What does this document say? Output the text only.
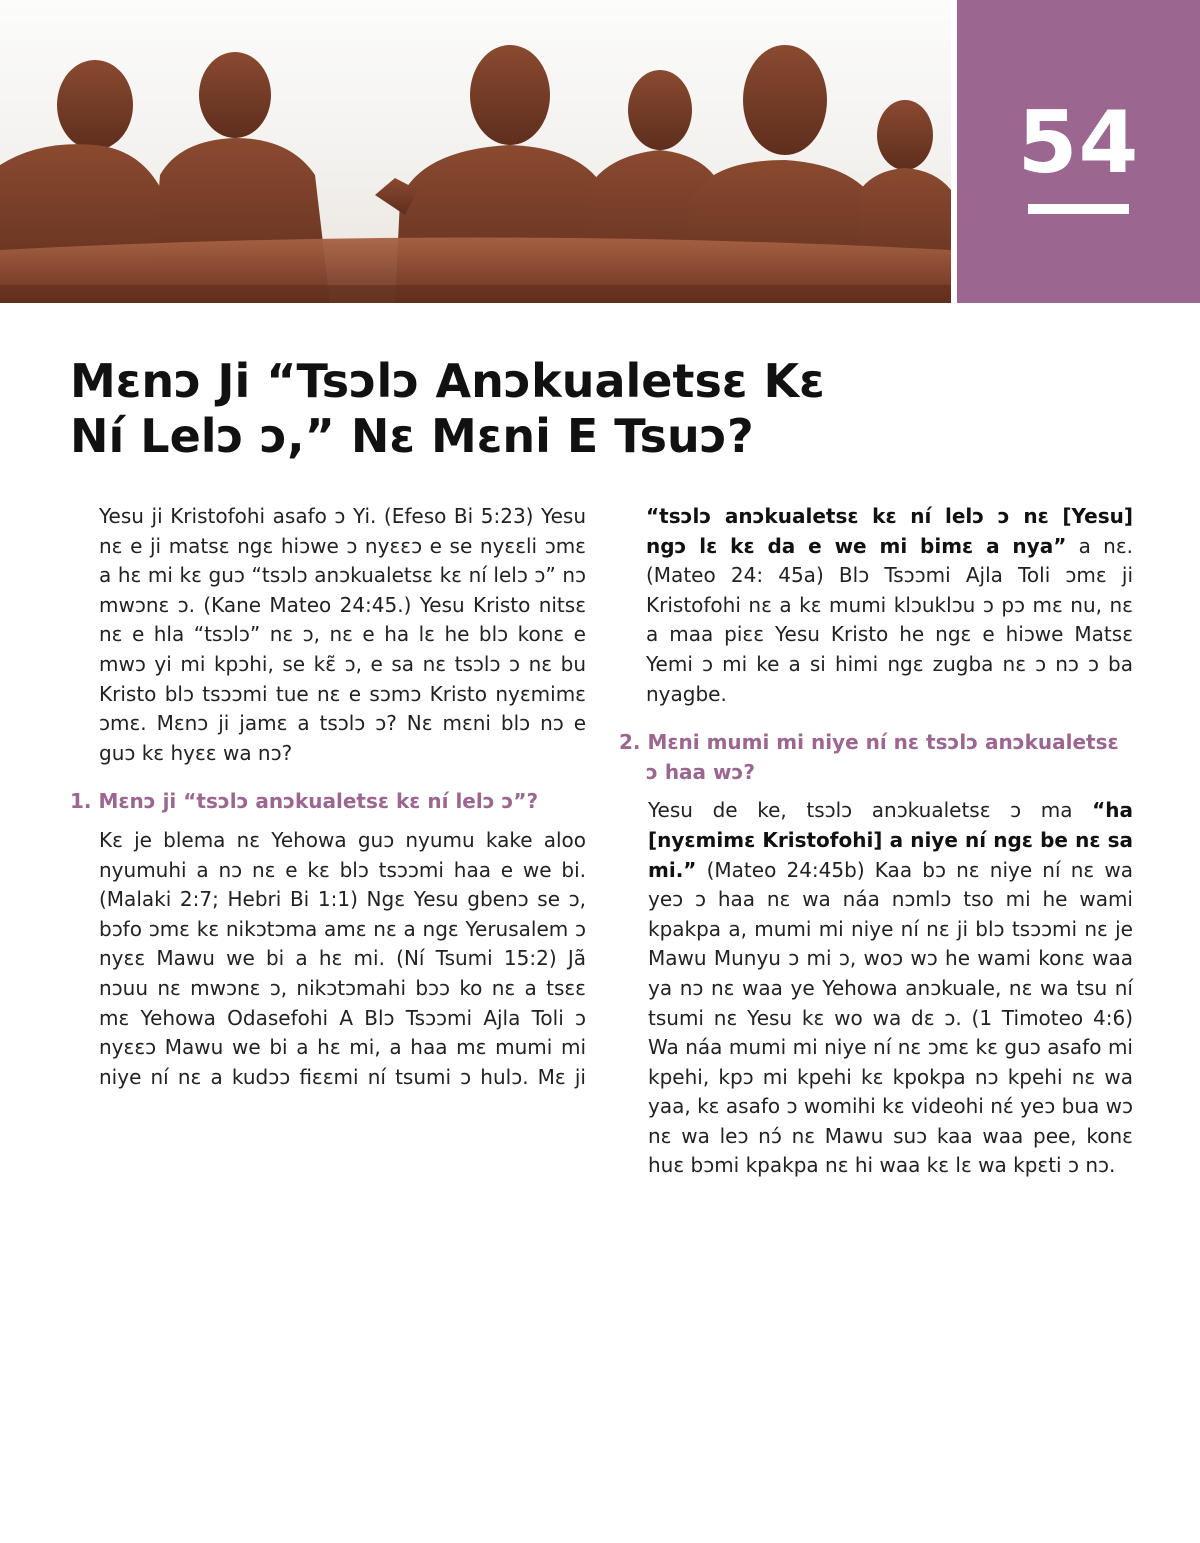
54
Mɛnɔ Ji “Tsɔlɔ Anɔkualetsɛ Kɛ
Ní Lelɔ ɔ,” Nɛ Mɛni E Tsuɔ?

Yesu ji Kristofohi asafo ɔ Yi. (Efeso Bi 5:23) Yesu nɛ e ji matsɛ ngɛ hiɔwe ɔ nyɛɛɔ e se nyɛɛli ɔmɛ a hɛ mi kɛ guɔ “tsɔlɔ anɔkualetsɛ kɛ ní lelɔ ɔ” nɔ mwɔnɛ ɔ. (Kane Mateo 24:45.) Yesu Kristo nitsɛ nɛ e hla “tsɔlɔ” nɛ ɔ, nɛ e ha lɛ he blɔ konɛ e mwɔ yi mi kpɔhi, se kɛ̃ ɔ, e sa nɛ tsɔlɔ ɔ nɛ bu Kristo blɔ tsɔɔmi tue nɛ e sɔmɔ Kristo nyɛmimɛ ɔmɛ. Mɛnɔ ji jamɛ a tsɔlɔ ɔ? Nɛ mɛni blɔ nɔ e guɔ kɛ hyɛɛ wa nɔ?

1. Mɛnɔ ji “tsɔlɔ anɔkualetsɛ kɛ ní lelɔ ɔ”?

Kɛ je blema nɛ Yehowa guɔ nyumu kake aloo nyumuhi a nɔ nɛ e kɛ blɔ tsɔɔmi haa e we bi. (Malaki 2:7; Hebri Bi 1:1) Ngɛ Yesu gbenɔ se ɔ, bɔfo ɔmɛ kɛ nikɔtɔma amɛ nɛ a ngɛ Yerusalem ɔ nyɛɛ Mawu we bi a hɛ mi. (Ní Tsumi 15:2) Jã nɔuu nɛ mwɔnɛ ɔ, nikɔtɔmahi bɔɔ ko nɛ a tsɛɛ mɛ Yehowa Odasefohi A Blɔ Tsɔɔmi Ajla Toli ɔ nyɛɛɔ Mawu we bi a hɛ mi, a haa mɛ mumi mi niye ní nɛ a kudɔɔ fiɛɛmi ní tsumi ɔ hulɔ. Mɛ ji

“tsɔlɔ anɔkualetsɛ kɛ ní lelɔ ɔ nɛ [Yesu] ngɔ lɛ kɛ da e we mi bimɛ a nya” a nɛ. (Mateo 24: 45a) Blɔ Tsɔɔmi Ajla Toli ɔmɛ ji Kristofohi nɛ a kɛ mumi klɔuklɔu ɔ pɔ mɛ nu, nɛ a maa piɛɛ Yesu Kristo he ngɛ e hiɔwe Matsɛ Yemi ɔ mi ke a si himi ngɛ zugba nɛ ɔ nɔ ɔ ba nyagbe.

2. Mɛni mumi mi niye ní nɛ tsɔlɔ anɔkualetsɛ ɔ haa wɔ?

Yesu de ke, tsɔlɔ anɔkualetsɛ ɔ ma “ha [nyɛmimɛ Kristofohi] a niye ní ngɛ be nɛ sa mi.” (Mateo 24:45b) Kaa bɔ nɛ niye ní nɛ wa yeɔ ɔ haa nɛ wa náa nɔmlɔ tso mi he wami kpakpa a, mumi mi niye ní nɛ ji blɔ tsɔɔmi nɛ je Mawu Munyu ɔ mi ɔ, woɔ wɔ he wami konɛ waa ya nɔ nɛ waa ye Yehowa anɔkuale, nɛ wa tsu ní tsumi nɛ Yesu kɛ wo wa dɛ ɔ. (1 Timoteo 4:6) Wa náa mumi mi niye ní nɛ ɔmɛ kɛ guɔ asafo mi kpehi, kpɔ mi kpehi kɛ kpokpa nɔ kpehi nɛ wa yaa, kɛ asafo ɔ womihi kɛ videohi nɛ́ yeɔ bua wɔ nɛ wa leɔ nɔ́ nɛ Mawu suɔ kaa waa pee, konɛ huɛ bɔmi kpakpa nɛ hi waa kɛ lɛ wa kpɛti ɔ nɔ.
